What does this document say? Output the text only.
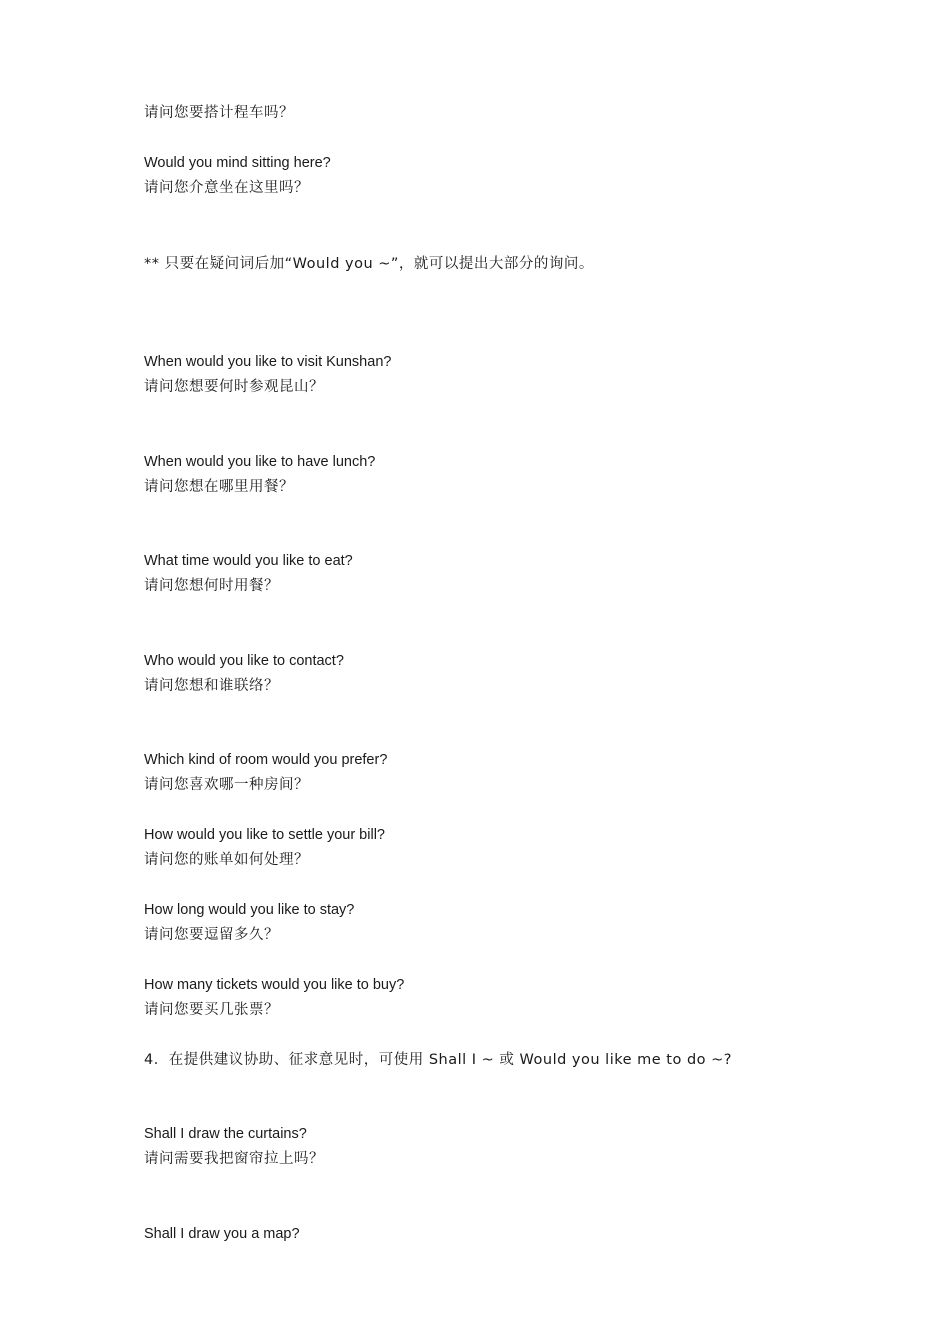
请问您要搭计程车吗？
Would you mind sitting here?
请问您介意坐在这里吗？
** 只要在疑问词后加“Would you ~”，就可以提出大部分的询问。
When would you like to visit Kunshan?
请问您想要何时参观昆山？
When would you like to have lunch?
请问您想在哪里用餐？
What time would you like to eat?
请问您想何时用餐？
Who would you like to contact?
请问您想和谁联络？
Which kind of room would you prefer?
请问您喜欢哪一种房间？
How would you like to settle your bill?
请问您的账单如何处理？
How long would you like to stay?
请问您要逗留多久？
How many tickets would you like to buy?
请问您要买几张票？
4．在提供建议协助、征求意见时，可使用 Shall I ~ 或 Would you like me to do ~?
Shall I draw the curtains?
请问需要我把窗帘拉上吗？
Shall I draw you a map?
